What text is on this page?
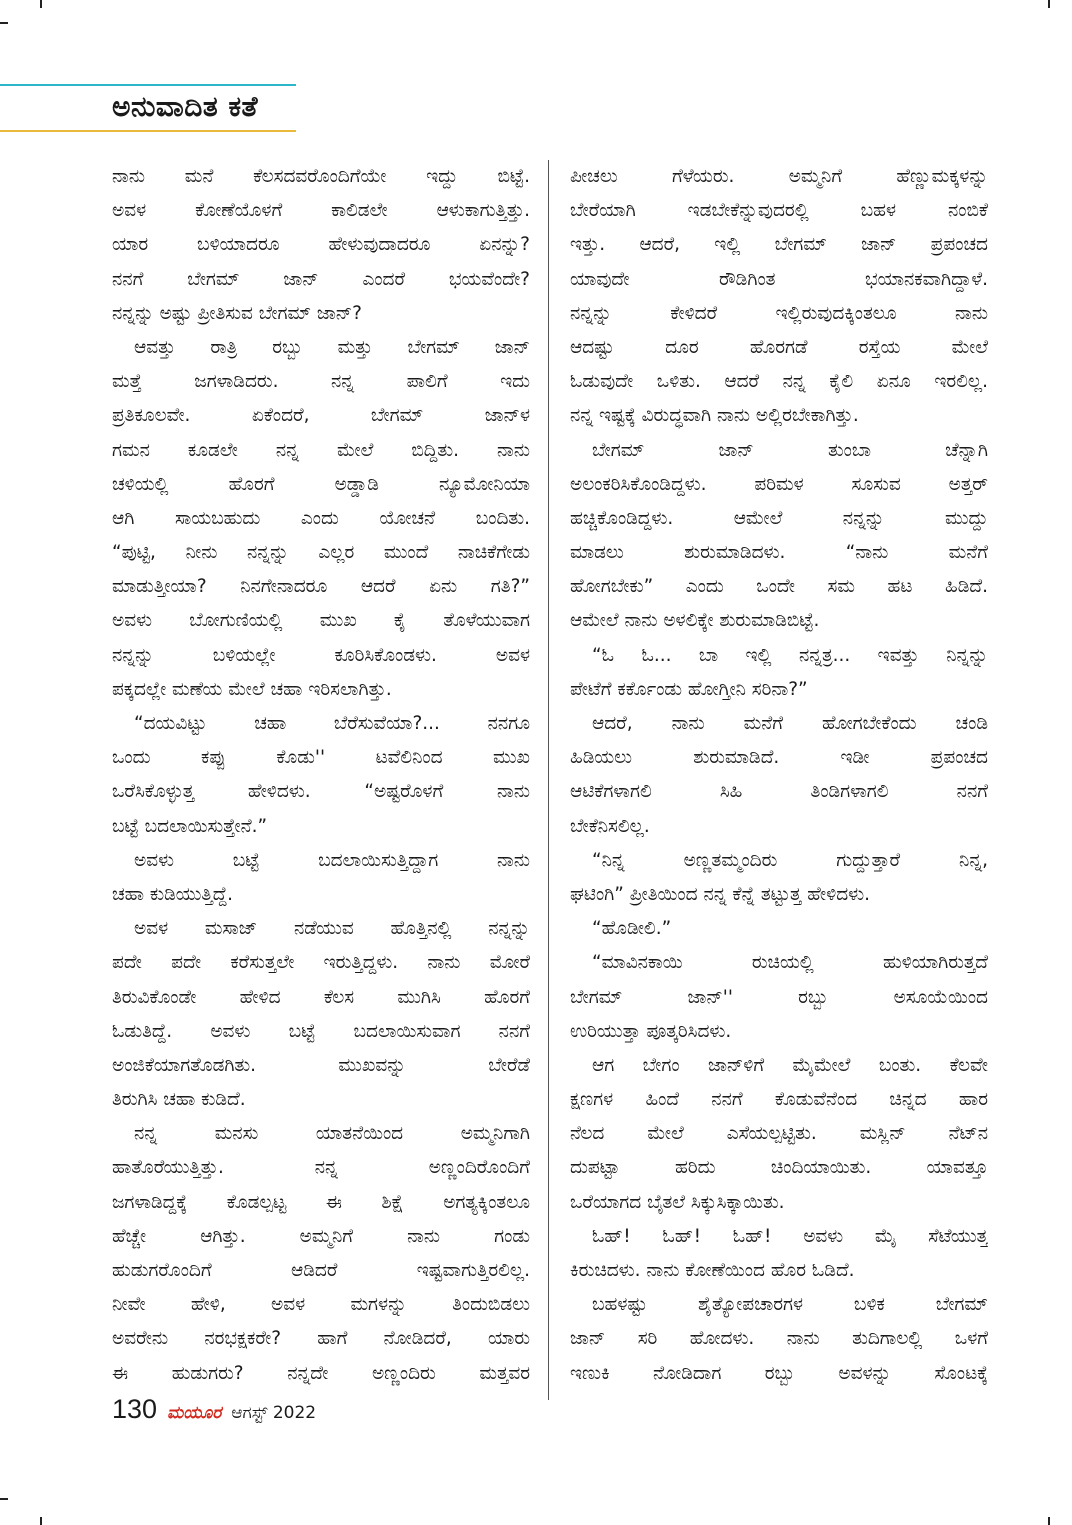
ಅನುವಾದಿತ ಕತೆ
ನಾನು ಮನೆ ಕೆಲಸದವರೊಂದಿಗೆಯೇ ಇದ್ದು ಬಿಟ್ಟೆ.
ಅವಳ ಕೋಣೆಯೊಳಗೆ ಕಾಲಿಡಲೇ ಆಳುಕಾಗುತ್ತಿತ್ತು.
ಯಾರ ಬಳಿಯಾದರೂ ಹೇಳುವುದಾದರೂ ಏನನ್ನು?
ನನಗೆ ಬೇಗಮ್ ಜಾನ್ ಎಂದರೆ ಭಯವೆಂದೇ?
ನನ್ನನ್ನು ಅಷ್ಟು ಪ್ರೀತಿಸುವ ಬೇಗಮ್ ಜಾನ್?
ಆವತ್ತು ರಾತ್ರಿ ರಬ್ಬು ಮತ್ತು ಬೇಗಮ್ ಜಾನ್
ಮತ್ತೆ ಜಗಳಾಡಿದರು. ನನ್ನ ಪಾಲಿಗೆ ಇದು
ಪ್ರತಿಕೂಲವೇ. ಏಕೆಂದರೆ, ಬೇಗಮ್ ಜಾನ್‌ಳ
ಗಮನ ಕೂಡಲೇ ನನ್ನ ಮೇಲೆ ಬಿದ್ದಿತು. ನಾನು
ಚಳಿಯಲ್ಲಿ ಹೊರಗೆ ಅಡ್ಡಾಡಿ ನ್ಯೂಮೋನಿಯಾ
ಆಗಿ ಸಾಯಬಹುದು ಎಂದು ಯೋಚನೆ ಬಂದಿತು.
“ಪುಟ್ಟಿ, ನೀನು ನನ್ನನ್ನು ಎಲ್ಲರ ಮುಂದೆ ನಾಚಿಕೆಗೇಡು
ಮಾಡುತ್ತೀಯಾ? ನಿನಗೇನಾದರೂ ಆದರೆ ಏನು ಗತಿ?”
ಅವಳು ಬೋಗುಣಿಯಲ್ಲಿ ಮುಖ ಕೈ ತೊಳೆಯುವಾಗ
ನನ್ನನ್ನು ಬಳಿಯಲ್ಲೇ ಕೂರಿಸಿಕೊಂಡಳು. ಅವಳ
ಪಕ್ಕದಲ್ಲೇ ಮಣೆಯ ಮೇಲೆ ಚಹಾ ಇರಿಸಲಾಗಿತ್ತು.
“ದಯವಿಟ್ಟು ಚಹಾ ಬೆರೆಸುವೆಯಾ?... ನನಗೂ
ಒಂದು ಕಪ್ಪು ಕೊಡು'' ಟವೆಲಿನಿಂದ ಮುಖ
ಒರೆಸಿಕೊಳ್ಳುತ್ತ ಹೇಳಿದಳು. “ಅಷ್ಟರೊಳಗೆ ನಾನು
ಬಟ್ಟೆ ಬದಲಾಯಿಸುತ್ತೇನೆ.”
ಅವಳು ಬಟ್ಟೆ ಬದಲಾಯಿಸುತ್ತಿದ್ದಾಗ ನಾನು
ಚಹಾ ಕುಡಿಯುತ್ತಿದ್ದೆ.
ಅವಳ ಮಸಾಜ್ ನಡೆಯುವ ಹೊತ್ತಿನಲ್ಲಿ ನನ್ನನ್ನು
ಪದೇ ಪದೇ ಕರೆಸುತ್ತಲೇ ಇರುತ್ತಿದ್ದಳು. ನಾನು ಮೋರೆ
ತಿರುವಿಕೊಂಡೇ ಹೇಳಿದ ಕೆಲಸ ಮುಗಿಸಿ ಹೊರಗೆ
ಓಡುತಿದ್ದೆ. ಅವಳು ಬಟ್ಟೆ ಬದಲಾಯಿಸುವಾಗ ನನಗೆ
ಅಂಜಿಕೆಯಾಗತೊಡಗಿತು. ಮುಖವನ್ನು ಬೇರೆಡೆ
ತಿರುಗಿಸಿ ಚಹಾ ಕುಡಿದೆ.
ನನ್ನ ಮನಸು ಯಾತನೆಯಿಂದ ಅಮ್ಮನಿಗಾಗಿ
ಹಾತೊರೆಯುತ್ತಿತ್ತು. ನನ್ನ ಅಣ್ಣಂದಿರೊಂದಿಗೆ
ಜಗಳಾಡಿದ್ದಕ್ಕೆ ಕೊಡಲ್ಪಟ್ಟ ಈ ಶಿಕ್ಷೆ ಅಗತ್ಯಕ್ಕಿಂತಲೂ
ಹೆಚ್ಚೇ ಆಗಿತ್ತು. ಅಮ್ಮನಿಗೆ ನಾನು ಗಂಡು
ಹುಡುಗರೊಂದಿಗೆ ಆಡಿದರೆ ಇಷ್ಟವಾಗುತ್ತಿರಲಿಲ್ಲ.
ನೀವೇ ಹೇಳಿ, ಅವಳ ಮಗಳನ್ನು ತಿಂದುಬಿಡಲು
ಅವರೇನು ನರಭಕ್ಷಕರೇ? ಹಾಗೆ ನೋಡಿದರೆ, ಯಾರು
ಈ ಹುಡುಗರು? ನನ್ನದೇ ಅಣ್ಣಂದಿರು ಮತ್ತವರ
ಪೀಚಲು ಗೆಳೆಯರು. ಅಮ್ಮನಿಗೆ ಹೆಣ್ಣುಮಕ್ಕಳನ್ನು
ಬೇರೆಯಾಗಿ ಇಡಬೇಕೆನ್ನುವುದರಲ್ಲಿ ಬಹಳ ನಂಬಿಕೆ
ಇತ್ತು. ಆದರೆ, ಇಲ್ಲಿ ಬೇಗಮ್ ಜಾನ್ ಪ್ರಪಂಚದ
ಯಾವುದೇ ರೌಡಿಗಿಂತ ಭಯಾನಕವಾಗಿದ್ದಾಳೆ.
ನನ್ನನ್ನು ಕೇಳಿದರೆ ಇಲ್ಲಿರುವುದಕ್ಕಿಂತಲೂ ನಾನು
ಆದಷ್ಟು ದೂರ ಹೊರಗಡೆ ರಸ್ತೆಯ ಮೇಲೆ
ಓಡುವುದೇ ಒಳಿತು. ಆದರೆ ನನ್ನ ಕೈಲಿ ಏನೂ ಇರಲಿಲ್ಲ.
ನನ್ನ ಇಷ್ಟಕ್ಕೆ ವಿರುದ್ಧವಾಗಿ ನಾನು ಅಲ್ಲಿರಬೇಕಾಗಿತ್ತು.
ಬೇಗಮ್ ಜಾನ್ ತುಂಬಾ ಚೆನ್ನಾಗಿ
ಅಲಂಕರಿಸಿಕೊಂಡಿದ್ದಳು. ಪರಿಮಳ ಸೂಸುವ ಅತ್ತರ್
ಹಚ್ಚಿಕೊಂಡಿದ್ದಳು. ಆಮೇಲೆ ನನ್ನನ್ನು ಮುದ್ದು
ಮಾಡಲು ಶುರುಮಾಡಿದಳು. “ನಾನು ಮನೆಗೆ
ಹೋಗಬೇಕು” ಎಂದು ಒಂದೇ ಸಮ ಹಟ ಹಿಡಿದೆ.
ಆಮೇಲೆ ನಾನು ಅಳಲಿಕ್ಕೇ ಶುರುಮಾಡಿಬಿಟ್ಟೆ.
“ಓ ಓ... ಬಾ ಇಲ್ಲಿ ನನ್ನತ್ರ... ಇವತ್ತು ನಿನ್ನನ್ನು
ಪೇಟೆಗೆ ಕರ್ಕೊಂಡು ಹೋಗ್ತೀನಿ ಸರಿನಾ?”
ಆದರೆ, ನಾನು ಮನೆಗೆ ಹೋಗಬೇಕೆಂದು ಚಂಡಿ
ಹಿಡಿಯಲು ಶುರುಮಾಡಿದೆ. ಇಡೀ ಪ್ರಪಂಚದ
ಆಟಿಕೆಗಳಾಗಲಿ ಸಿಹಿ ತಿಂಡಿಗಳಾಗಲಿ ನನಗೆ
ಬೇಕೆನಿಸಲಿಲ್ಲ.
“ನಿನ್ನ ಅಣ್ಣತಮ್ಮಂದಿರು ಗುದ್ದುತ್ತಾರೆ ನಿನ್ನ,
ಘಟಿಂಗಿ” ಪ್ರೀತಿಯಿಂದ ನನ್ನ ಕೆನ್ನೆ ತಟ್ಟುತ್ತ ಹೇಳಿದಳು.
“ಹೊಡೀಲಿ.”
“ಮಾವಿನಕಾಯಿ ರುಚಿಯಲ್ಲಿ ಹುಳಿಯಾಗಿರುತ್ತದೆ
ಬೇಗಮ್ ಜಾನ್'' ರಬ್ಬು ಅಸೂಯೆಯಿಂದ
ಉರಿಯುತ್ತಾ ಪೂತ್ಕರಿಸಿದಳು.
ಆಗ ಬೇಗಂ ಜಾನ್‌ಳಿಗೆ ಮೈಮೇಲೆ ಬಂತು. ಕೆಲವೇ
ಕ್ಷಣಗಳ ಹಿಂದೆ ನನಗೆ ಕೊಡುವೆನೆಂದ ಚಿನ್ನದ ಹಾರ
ನೆಲದ ಮೇಲೆ ಎಸೆಯಲ್ಪಟ್ಟಿತು. ಮಸ್ಲಿನ್ ನೆಟ್‌ನ
ದುಪಟ್ಟಾ ಹರಿದು ಚಿಂದಿಯಾಯಿತು. ಯಾವತ್ತೂ
ಒರೆಯಾಗದ ಬೈತಲೆ ಸಿಕ್ಕುಸಿಕ್ಕಾಯಿತು.
ಓಹ್! ಓಹ್! ಓಹ್! ಅವಳು ಮೈ ಸೆಟೆಯುತ್ತ
ಕಿರುಚಿದಳು. ನಾನು ಕೋಣೆಯಿಂದ ಹೊರ ಓಡಿದೆ.
ಬಹಳಷ್ಟು ಶೈತ್ಯೋಪಚಾರಗಳ ಬಳಿಕ ಬೇಗಮ್
ಜಾನ್ ಸರಿ ಹೋದಳು. ನಾನು ತುದಿಗಾಲಲ್ಲಿ ಒಳಗೆ
ಇಣುಕಿ ನೋಡಿದಾಗ ರಬ್ಬು ಅವಳನ್ನು ಸೊಂಟಕ್ಕೆ
130 ಮಯೂರ ಆಗಸ್ಟ್ 2022
